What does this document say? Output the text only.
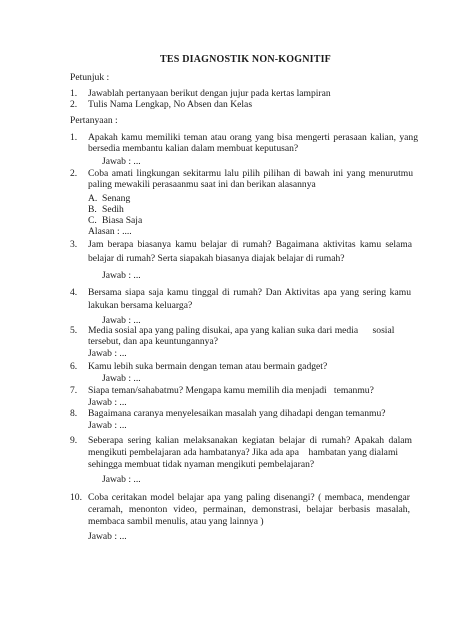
TES DIAGNOSTIK NON-KOGNITIF
Petunjuk :
1. Jawablah pertanyaan berikut dengan jujur pada kertas lampiran
2. Tulis Nama Lengkap, No Absen dan Kelas
Pertanyaan :
1. Apakah kamu memiliki teman atau orang yang bisa mengerti perasaan kalian, yang
bersedia membantu kalian dalam membuat keputusan?
Jawab : ...
2. Coba amati lingkungan sekitarmu lalu pilih pilihan di bawah ini yang menurutmu
paling mewakili perasaanmu saat ini dan berikan alasannya
A. Senang
B. Sedih
C. Biasa Saja
Alasan : ....
3. Jam berapa biasanya kamu belajar di rumah? Bagaimana aktivitas kamu selama
belajar di rumah? Serta siapakah biasanya diajak belajar di rumah?
Jawab : ...
4. Bersama siapa saja kamu tinggal di rumah? Dan Aktivitas apa yang sering kamu
lakukan bersama keluarga?
Jawab : ...
5. Media sosial apa yang paling disukai, apa yang kalian suka dari media      sosial
tersebut, dan apa keuntungannya?
Jawab : ...
6. Kamu lebih suka bermain dengan teman atau bermain gadget?
Jawab : ...
7. Siapa teman/sahabatmu? Mengapa kamu memilih dia menjadi   temanmu?
Jawab : ...
8. Bagaimana caranya menyelesaikan masalah yang dihadapi dengan temanmu?
Jawab : ...
9. Seberapa sering kalian melaksanakan kegiatan belajar di rumah? Apakah dalam
mengikuti pembelajaran ada hambatanya? Jika ada apa    hambatan yang dialami
sehingga membuat tidak nyaman mengikuti pembelajaran?
Jawab : ...
10. Coba ceritakan model belajar apa yang paling disenangi? ( membaca, mendengar
ceramah, menonton video, permainan, demonstrasi, belajar berbasis masalah,
membaca sambil menulis, atau yang lainnya )
Jawab : ...
